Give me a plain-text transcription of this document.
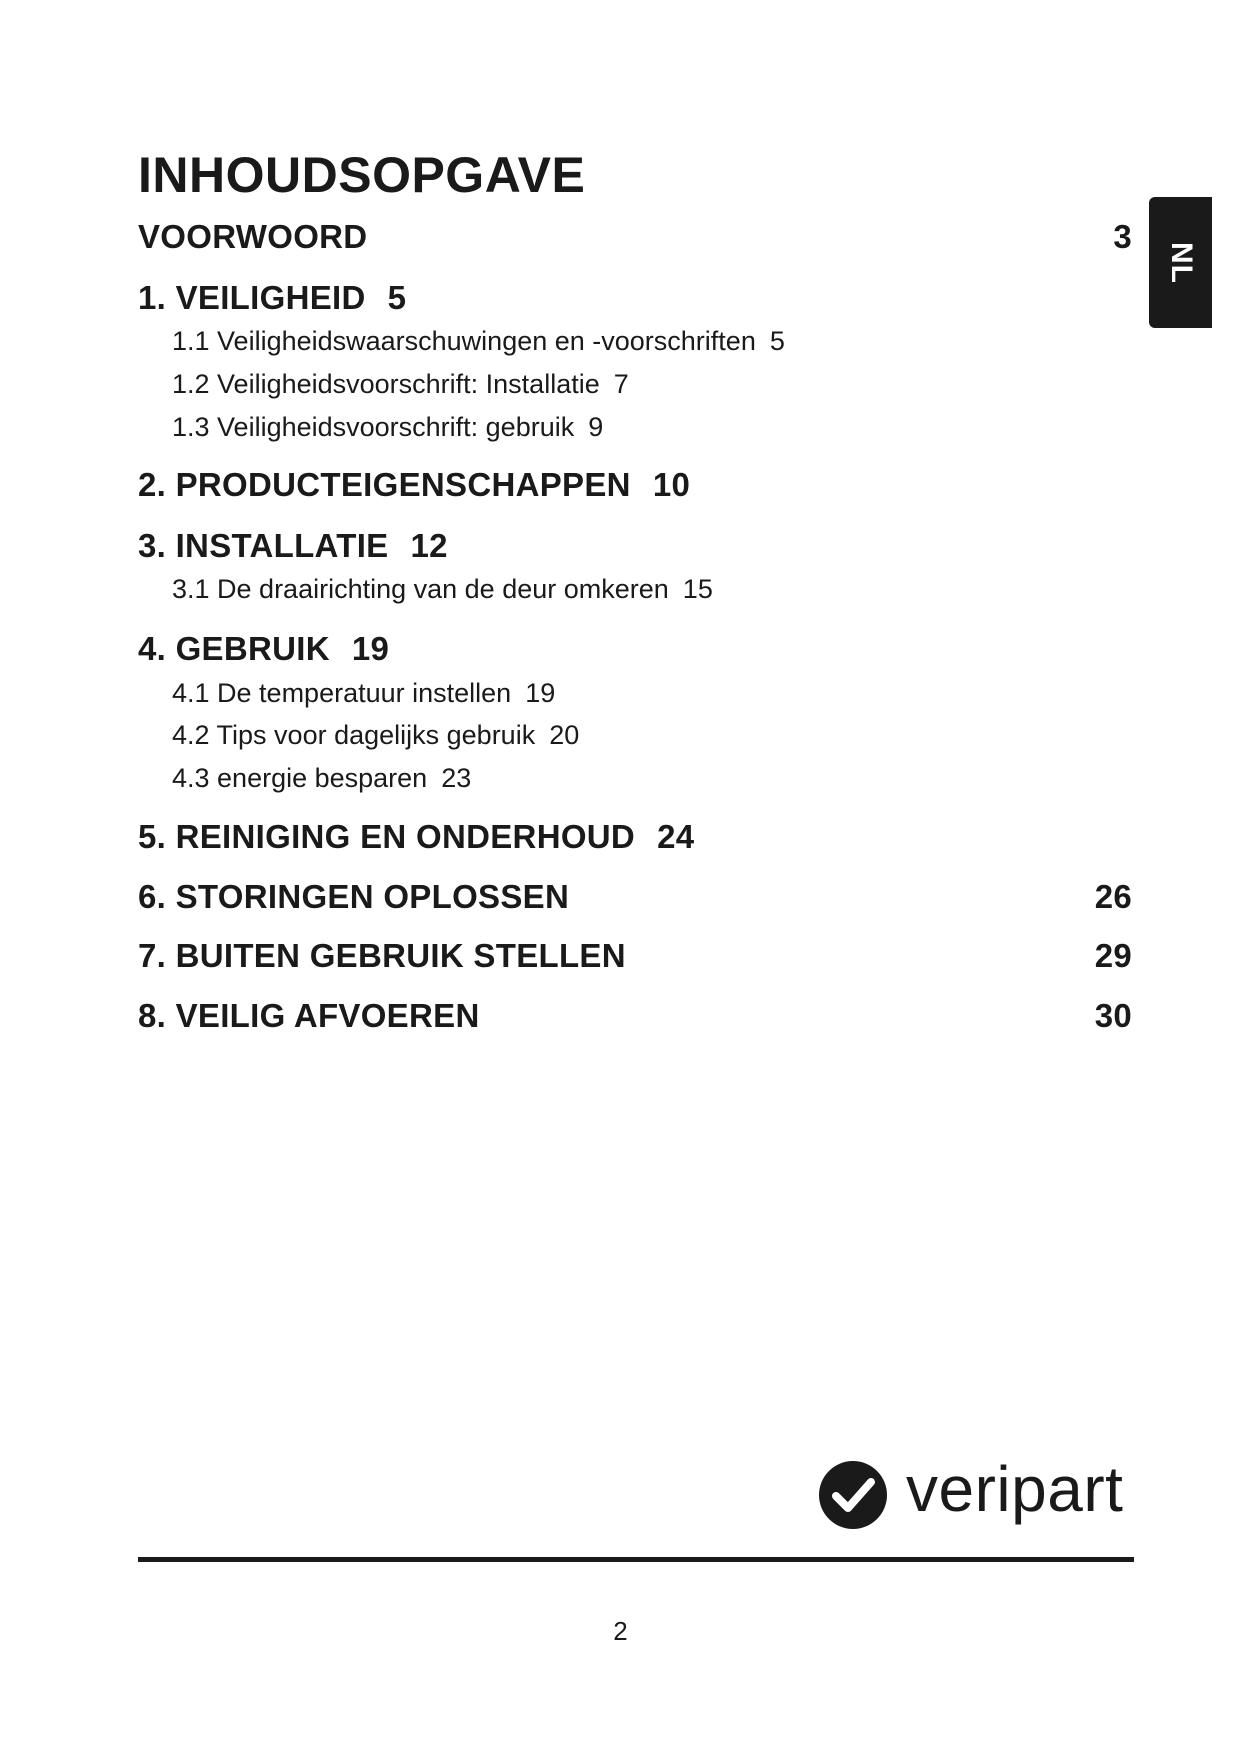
INHOUDSOPGAVE
NL
VOORWOORD	3
1. VEILIGHEID 5
1.1 Veiligheidswaarschuwingen en -voorschriften 5
1.2 Veiligheidsvoorschrift: Installatie 7
1.3 Veiligheidsvoorschrift: gebruik 9
2. PRODUCTEIGENSCHAPPEN 10
3. INSTALLATIE 12
3.1 De draairichting van de deur omkeren 15
4. GEBRUIK 19
4.1 De temperatuur instellen 19
4.2 Tips voor dagelijks gebruik 20
4.3 energie besparen 23
5. REINIGING EN ONDERHOUD 24
6. STORINGEN OPLOSSEN	26
7. BUITEN GEBRUIK STELLEN	29
8. VEILIG AFVOEREN	30
veripart
2
